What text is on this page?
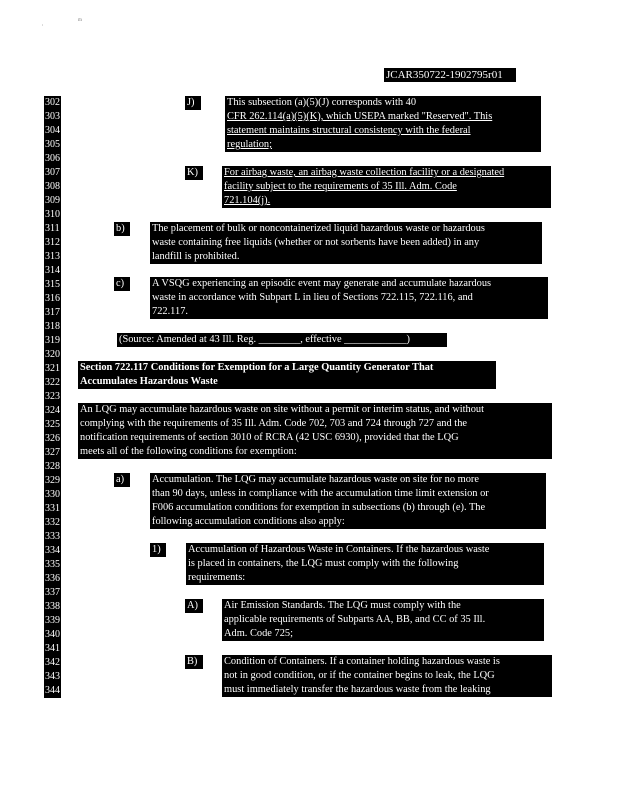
,
m
JCAR350722-1902795r01
302
303
304
305
306
307
308
309
310
311
312
313
314
315
316
317
318
319
320
321
322
323
324
325
326
327
328
329
330
331
332
333
334
335
336
337
338
339
340
341
342
343
344
J)	This subsection (a)(5)(J) corresponds with 40
CFR 262.114(a)(5)(K), which USEPA marked "Reserved". This
statement maintains structural consistency with the federal
regulation;
K)	For airbag waste, an airbag waste collection facility or a designated
facility subject to the requirements of 35 Ill. Adm. Code
721.104(j).
b)	The placement of bulk or noncontainerized liquid hazardous waste or hazardous
waste containing free liquids (whether or not sorbents have been added) in any
landfill is prohibited.
c)	A VSQG experiencing an episodic event may generate and accumulate hazardous
waste in accordance with Subpart L in lieu of Sections 722.115, 722.116, and
722.117.
(Source: Amended at 43 Ill. Reg. ________, effective ____________)
Section 722.117 Conditions for Exemption for a Large Quantity Generator That
Accumulates Hazardous Waste
An LQG may accumulate hazardous waste on site without a permit or interim status, and without
complying with the requirements of 35 Ill. Adm. Code 702, 703 and 724 through 727 and the
notification requirements of section 3010 of RCRA (42 USC 6930), provided that the LQG
meets all of the following conditions for exemption:
a)	Accumulation. The LQG may accumulate hazardous waste on site for no more
than 90 days, unless in compliance with the accumulation time limit extension or
F006 accumulation conditions for exemption in subsections (b) through (e). The
following accumulation conditions also apply:
1)	Accumulation of Hazardous Waste in Containers. If the hazardous waste
is placed in containers, the LQG must comply with the following
requirements:
A)	Air Emission Standards. The LQG must comply with the
applicable requirements of Subparts AA, BB, and CC of 35 Ill.
Adm. Code 725;
B)	Condition of Containers. If a container holding hazardous waste is
not in good condition, or if the container begins to leak, the LQG
must immediately transfer the hazardous waste from the leaking
